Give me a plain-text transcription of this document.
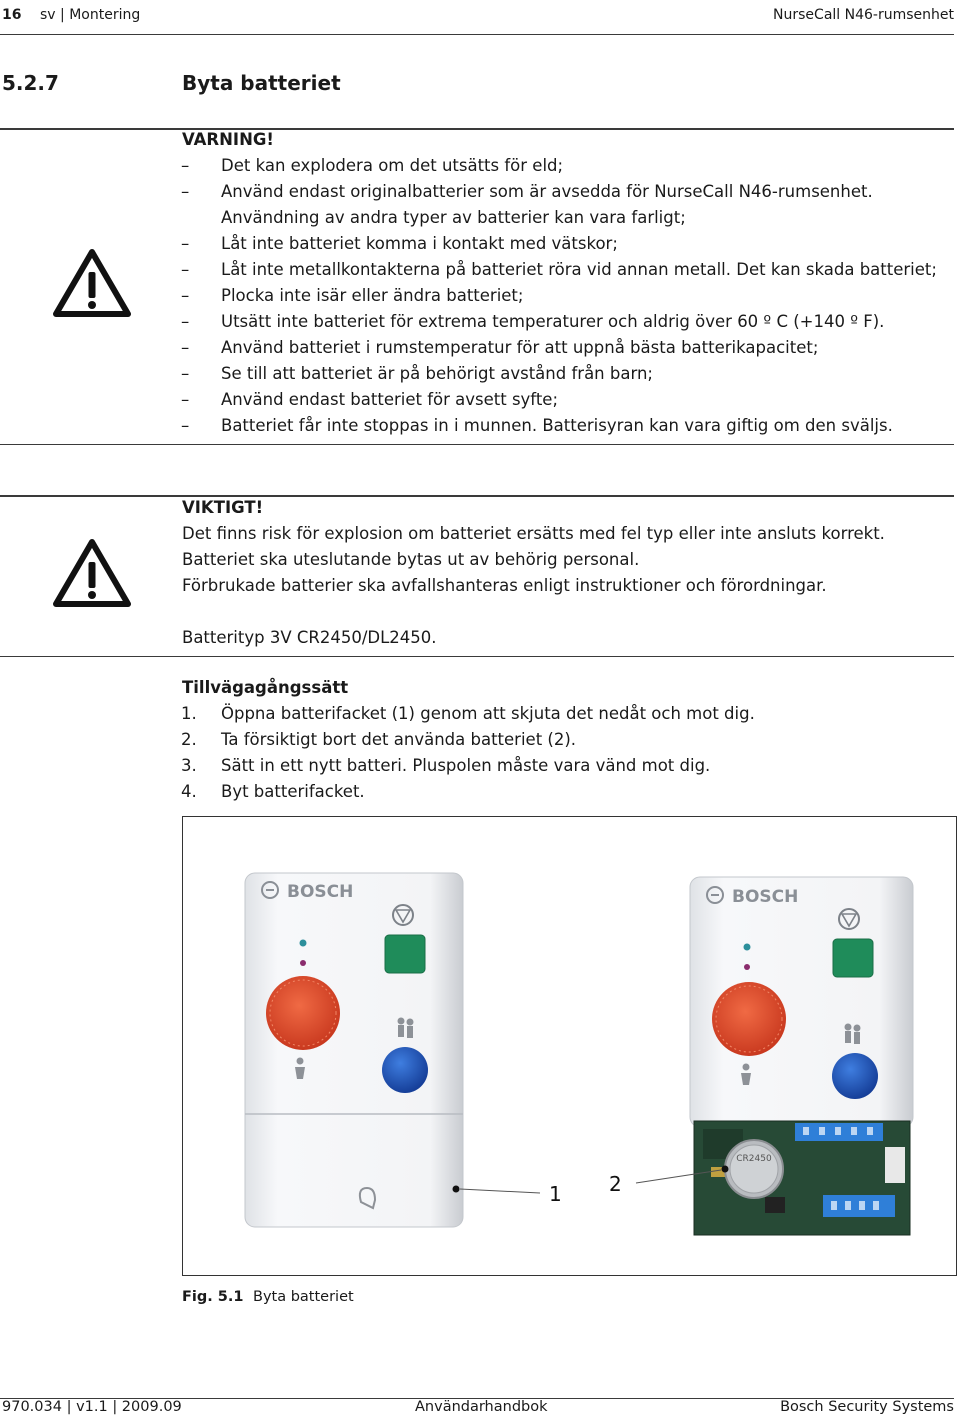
16 sv | Montering	NurseCall N46-rumsenhet
5.2.7	Byta batteriet
VARNING!
– Det kan explodera om det utsätts för eld;
– Använd endast originalbatterier som är avsedda för NurseCall N46-rumsenhet.
Användning av andra typer av batterier kan vara farligt;
– Låt inte batteriet komma i kontakt med vätskor;
– Låt inte metallkontakterna på batteriet röra vid annan metall. Det kan skada batteriet;
– Plocka inte isär eller ändra batteriet;
– Utsätt inte batteriet för extrema temperaturer och aldrig över 60 º C (+140 º F).
– Använd batteriet i rumstemperatur för att uppnå bästa batterikapacitet;
– Se till att batteriet är på behörigt avstånd från barn;
– Använd endast batteriet för avsett syfte;
– Batteriet får inte stoppas in i munnen. Batterisyran kan vara giftig om den sväljs.
VIKTIGT!
Det finns risk för explosion om batteriet ersätts med fel typ eller inte ansluts korrekt.
Batteriet ska uteslutande bytas ut av behörig personal.
Förbrukade batterier ska avfallshanteras enligt instruktioner och förordningar.
Batterityp 3V CR2450/DL2450.
Tillvägagångssätt
1. Öppna batterifacket (1) genom att skjuta det nedåt och mot dig.
2. Ta försiktigt bort det använda batteriet (2).
3. Sätt in ett nytt batteri. Pluspolen måste vara vänd mot dig.
4. Byt batterifacket.
BOSCH	BOSCH
CR2450
1 2
Fig. 5.1 Byta batteriet
970.034 | v1.1 | 2009.09	Användarhandbok	Bosch Security Systems
